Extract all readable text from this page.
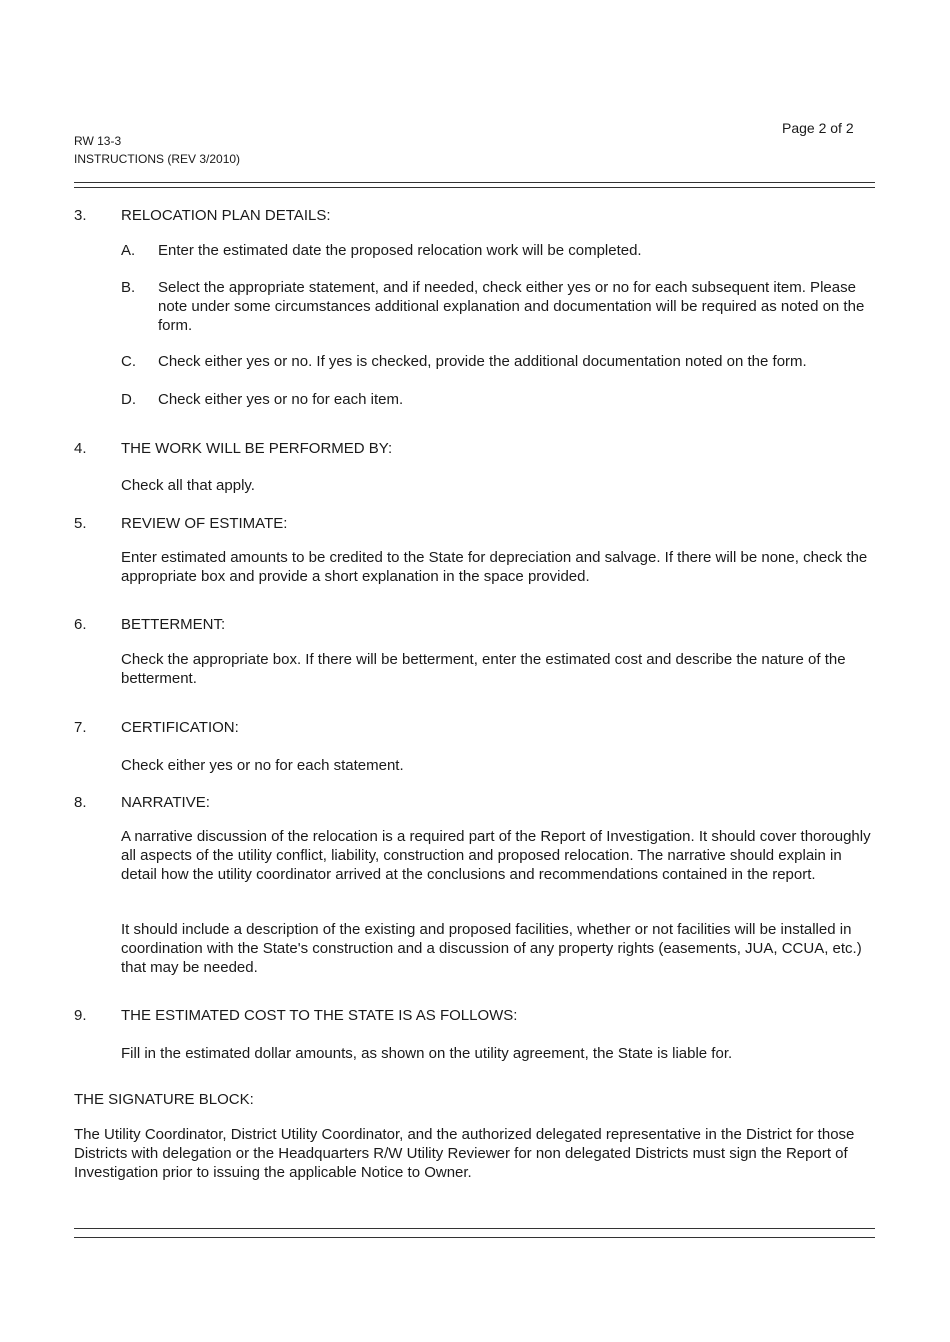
RW 13-3
INSTRUCTIONS (REV 3/2010)
Page 2 of 2
3. RELOCATION PLAN DETAILS:
A. Enter the estimated date the proposed relocation work will be completed.
B. Select the appropriate statement, and if needed, check either yes or no for each subsequent item. Please note under some circumstances additional explanation and documentation will be required as noted on the form.
C. Check either yes or no. If yes is checked, provide the additional documentation noted on the form.
D. Check either yes or no for each item.
4. THE WORK WILL BE PERFORMED BY:
Check all that apply.
5. REVIEW OF ESTIMATE:
Enter estimated amounts to be credited to the State for depreciation and salvage. If there will be none, check the appropriate box and provide a short explanation in the space provided.
6. BETTERMENT:
Check the appropriate box. If there will be betterment, enter the estimated cost and describe the nature of the betterment.
7. CERTIFICATION:
Check either yes or no for each statement.
8. NARRATIVE:
A narrative discussion of the relocation is a required part of the Report of Investigation. It should cover thoroughly all aspects of the utility conflict, liability, construction and proposed relocation. The narrative should explain in detail how the utility coordinator arrived at the conclusions and recommendations contained in the report.
It should include a description of the existing and proposed facilities, whether or not facilities will be installed in coordination with the State's construction and a discussion of any property rights (easements, JUA, CCUA, etc.) that may be needed.
9. THE ESTIMATED COST TO THE STATE IS AS FOLLOWS:
Fill in the estimated dollar amounts, as shown on the utility agreement, the State is liable for.
THE SIGNATURE BLOCK:
The Utility Coordinator, District Utility Coordinator, and the authorized delegated representative in the District for those Districts with delegation or the Headquarters R/W Utility Reviewer for non delegated Districts must sign the Report of Investigation prior to issuing the applicable Notice to Owner.
